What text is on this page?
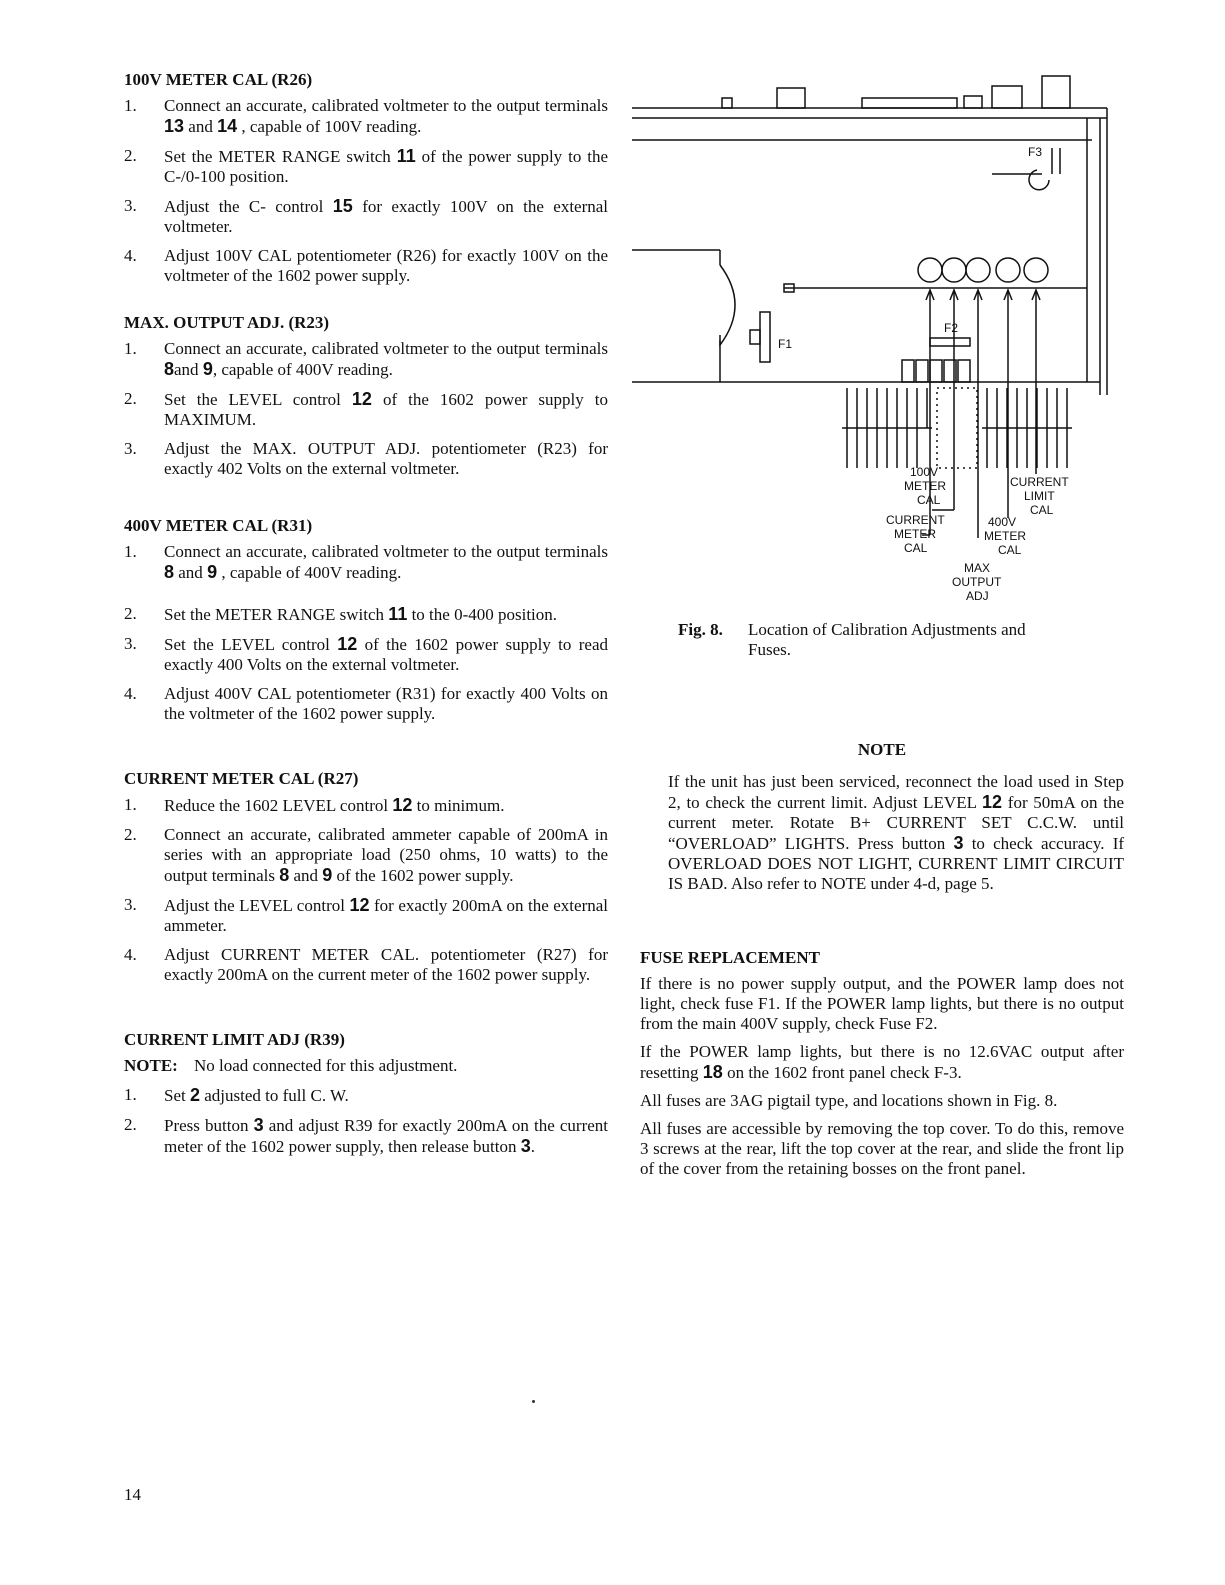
100V METER CAL (R26)
1.	Connect an accurate, calibrated voltmeter to the output terminals 13 and 14 , capable of 100V reading.
2.	Set the METER RANGE switch 11 of the power supply to the C-/0-100 position.
3.	Adjust the C- control 15 for exactly 100V on the external voltmeter.
4.	Adjust 100V CAL potentiometer (R26) for exactly 100V on the voltmeter of the 1602 power supply.
MAX. OUTPUT ADJ. (R23)
1.	Connect an accurate, calibrated voltmeter to the output terminals 8and 9, capable of 400V reading.
2.	Set the LEVEL control 12 of the 1602 power supply to MAXIMUM.
3.	Adjust the MAX. OUTPUT ADJ. potentiometer (R23) for exactly 402 Volts on the external voltmeter.
400V METER CAL (R31)
1.	Connect an accurate, calibrated voltmeter to the output terminals 8 and 9 , capable of 400V reading.
2.	Set the METER RANGE switch 11 to the 0-400 position.
3.	Set the LEVEL control 12 of the 1602 power supply to read exactly 400 Volts on the external voltmeter.
4.	Adjust 400V CAL potentiometer (R31) for exactly 400 Volts on the voltmeter of the 1602 power supply.
CURRENT METER CAL (R27)
1.	Reduce the 1602 LEVEL control 12 to minimum.
2.	Connect an accurate, calibrated ammeter capable of 200mA in series with an appropriate load (250 ohms, 10 watts) to the output terminals 8 and 9 of the 1602 power supply.
3.	Adjust the LEVEL control 12 for exactly 200mA on the external ammeter.
4.	Adjust CURRENT METER CAL. potentiometer (R27) for exactly 200mA on the current meter of the 1602 power supply.
CURRENT LIMIT ADJ (R39)
NOTE: No load connected for this adjustment.
1.	Set 2 adjusted to full C. W.
2.	Press button 3 and adjust R39 for exactly 200mA on the current meter of the 1602 power supply, then release button 3.
F3
F1
F2
100V
METER
CAL
CURRENT
METER
CAL
MAX
OUTPUT
ADJ
400V
METER
CAL
CURRENT
LIMIT
CAL
Fig. 8.	Location of Calibration Adjustments and Fuses.
NOTE

If the unit has just been serviced, reconnect the load used in Step 2, to check the current limit. Adjust LEVEL 12 for 50mA on the current meter. Rotate B+ CURRENT SET C.C.W. until “OVERLOAD” LIGHTS. Press button 3 to check accuracy. If OVERLOAD DOES NOT LIGHT, CURRENT LIMIT CIRCUIT IS BAD. Also refer to NOTE under 4-d, page 5.

FUSE REPLACEMENT

If there is no power supply output, and the POWER lamp does not light, check fuse F1. If the POWER lamp lights, but there is no output from the main 400V supply, check Fuse F2.

If the POWER lamp lights, but there is no 12.6VAC output after resetting 18 on the 1602 front panel check F-3.

All fuses are 3AG pigtail type, and locations shown in Fig. 8.

All fuses are accessible by removing the top cover. To do this, remove 3 screws at the rear, lift the top cover at the rear, and slide the front lip of the cover from the retaining bosses on the front panel.

14
